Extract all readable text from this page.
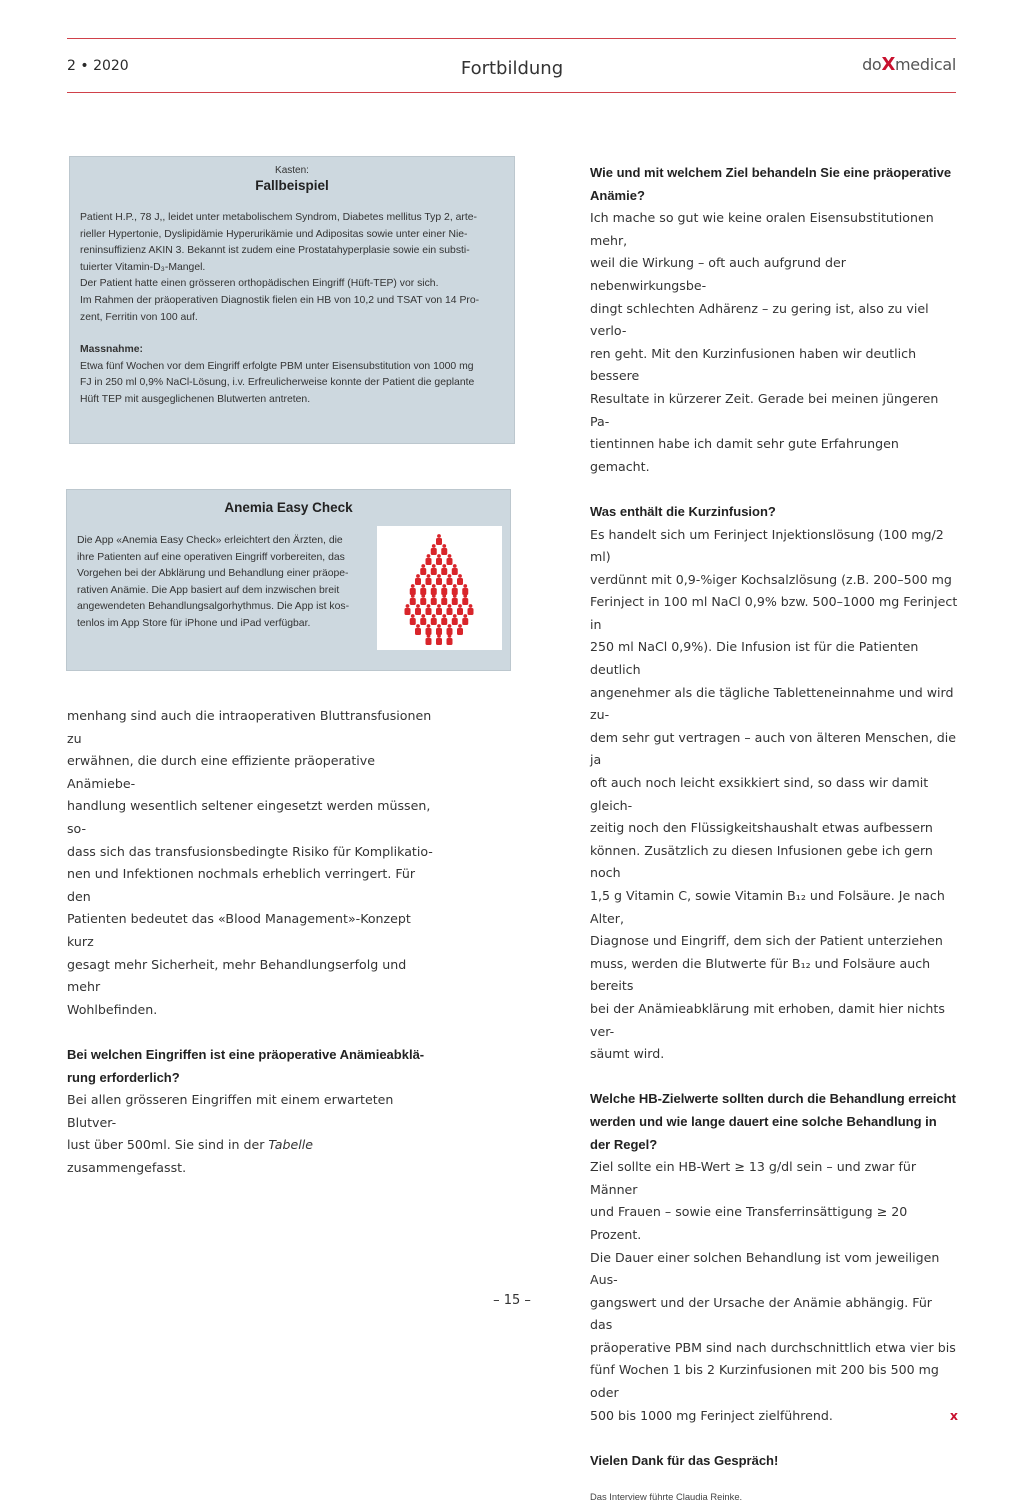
2 • 2020	Fortbildung	doXmedical
Kasten:
Fallbeispiel

Patient H.P., 78 J,, leidet unter metabolischem Syndrom, Diabetes mellitus Typ 2, arte-

rieller Hypertonie, Dyslipidämie Hyperurikämie und Adipositas sowie unter einer Nie-

reninsuffizienz AKIN 3. Bekannt ist zudem eine Prostatahyperplasie sowie ein substi-

tuierter Vitamin-D₃-Mangel.

Der Patient hatte einen grösseren orthopädischen Eingriff (Hüft-TEP) vor sich.

Im Rahmen der präoperativen Diagnostik fielen ein HB von 10,2 und TSAT von 14 Pro-

zent, Ferritin von 100 auf.

Massnahme:

Etwa fünf Wochen vor dem Eingriff erfolgte PBM unter Eisensubstitution von 1000 mg

FJ in 250 ml 0,9% NaCl-Lösung, i.v. Erfreulicherweise konnte der Patient die geplante

Hüft TEP mit ausgeglichenen Blutwerten antreten.

Anemia Easy Check

Die App «Anemia Easy Check» erleichtert den Ärzten, die

ihre Patienten auf eine operativen Eingriff vorbereiten, das

Vorgehen bei der Abklärung und Behandlung einer präope-

rativen Anämie. Die App basiert auf dem inzwischen breit

angewendeten Behandlungsalgorhythmus. Die App ist kos-

tenlos im App Store für iPhone und iPad verfügbar.

menhang sind auch die intraoperativen Bluttransfusionen zu

erwähnen, die durch eine effiziente präoperative Anämiebe-

handlung wesentlich seltener eingesetzt werden müssen, so-

dass sich das transfusionsbedingte Risiko für Komplikatio-

nen und Infektionen nochmals erheblich verringert. Für den

Patienten bedeutet das «Blood Management»-Konzept kurz

gesagt mehr Sicherheit, mehr Behandlungserfolg und mehr

Wohlbefinden.

Bei welchen Eingriffen ist eine präoperative Anämieabklä-

rung erforderlich?

Bei allen grösseren Eingriffen mit einem erwarteten Blutver-

lust über 500ml. Sie sind in der Tabelle zusammengefasst.

Wie und mit welchem Ziel behandeln Sie eine präoperative

Anämie?

Ich mache so gut wie keine oralen Eisensubstitutionen mehr,

weil die Wirkung – oft auch aufgrund der nebenwirkungsbe-

dingt schlechten Adhärenz – zu gering ist, also zu viel verlo-

ren geht. Mit den Kurzinfusionen haben wir deutlich bessere

Resultate in kürzerer Zeit. Gerade bei meinen jüngeren Pa-

tientinnen habe ich damit sehr gute Erfahrungen gemacht.

Was enthält die Kurzinfusion?

Es handelt sich um Ferinject Injektionslösung (100 mg/2 ml)

verdünnt mit 0,9-%iger Kochsalzlösung (z.B. 200–500 mg

Ferinject in 100 ml NaCl 0,9% bzw. 500–1000 mg Ferinject in

250 ml NaCl 0,9%). Die Infusion ist für die Patienten deutlich

angenehmer als die tägliche Tabletteneinnahme und wird zu-

dem sehr gut vertragen – auch von älteren Menschen, die ja

oft auch noch leicht exsikkiert sind, so dass wir damit gleich-

zeitig noch den Flüssigkeitshaushalt etwas aufbessern

können. Zusätzlich zu diesen Infusionen gebe ich gern noch

1,5 g Vitamin C, sowie Vitamin B₁₂ und Folsäure. Je nach Alter,

Diagnose und Eingriff, dem sich der Patient unterziehen

muss, werden die Blutwerte für B₁₂ und Folsäure auch bereits

bei der Anämieabklärung mit erhoben, damit hier nichts ver-

säumt wird.

Welche HB-Zielwerte sollten durch die Behandlung erreicht

werden und wie lange dauert eine solche Behandlung in

der Regel?

Ziel sollte ein HB-Wert ≥ 13 g/dl sein – und zwar für Männer

und Frauen – sowie eine Transferrinsättigung ≥ 20 Prozent.

Die Dauer einer solchen Behandlung ist vom jeweiligen Aus-

gangswert und der Ursache der Anämie abhängig. Für das

präoperative PBM sind nach durchschnittlich etwa vier bis

fünf Wochen 1 bis 2 Kurzinfusionen mit 200 bis 500 mg oder

500 bis 1000 mg Ferinject zielführend.	x

Vielen Dank für das Gespräch!

Das Interview führte Claudia Reinke.

– 15 –
